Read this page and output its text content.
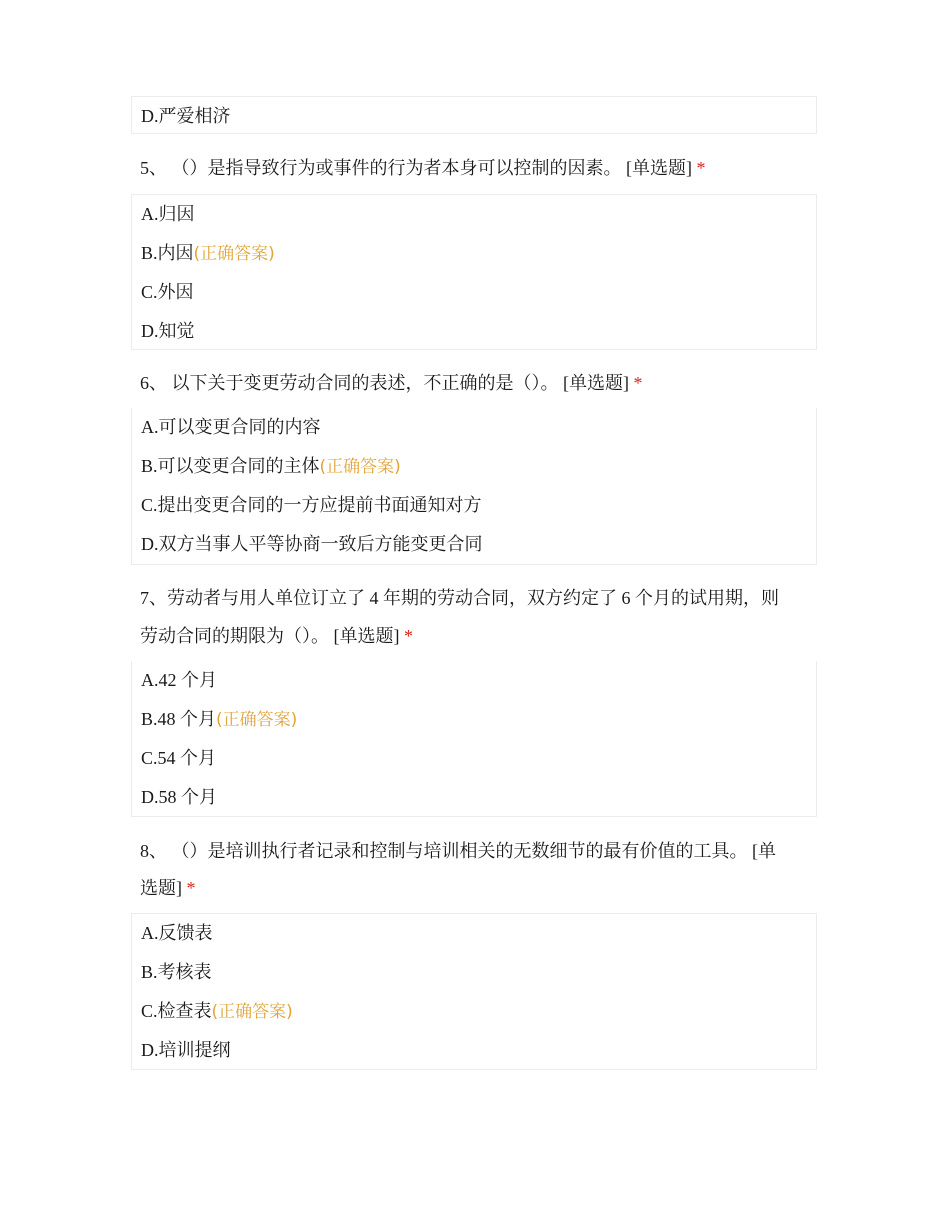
D.严爱相济
5、 （）是指导致行为或事件的行为者本身可以控制的因素。 [单选题] *
A.归因
B.内因(正确答案)
C.外因
D.知觉
6、 以下关于变更劳动合同的表述，不正确的是（）。 [单选题] *
A.可以变更合同的内容
B.可以变更合同的主体(正确答案)
C.提出变更合同的一方应提前书面通知对方
D.双方当事人平等协商一致后方能变更合同
7、劳动者与用人单位订立了 4 年期的劳动合同，双方约定了 6 个月的试用期，则
劳动合同的期限为（）。 [单选题] *
A.42 个月
B.48 个月(正确答案)
C.54 个月
D.58 个月
8、 （）是培训执行者记录和控制与培训相关的无数细节的最有价值的工具。 [单
选题] *
A.反馈表
B.考核表
C.检查表(正确答案)
D.培训提纲
